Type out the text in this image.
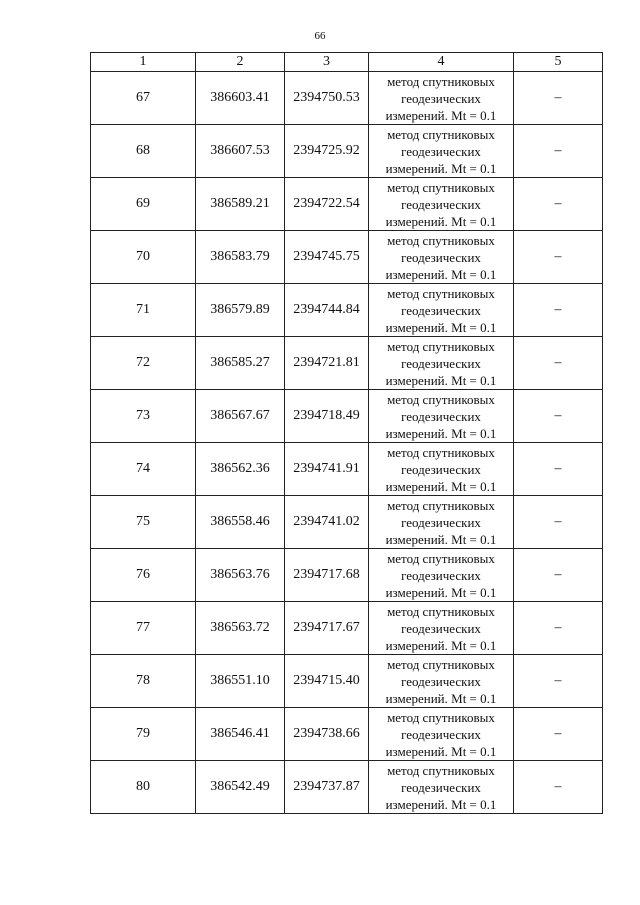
66
1	2	3	4	5
67	386603.41	2394750.53	метод спутниковых
геодезических
измерений. Mt = 0.1	–
68	386607.53	2394725.92	метод спутниковых
геодезических
измерений. Mt = 0.1	–
69	386589.21	2394722.54	метод спутниковых
геодезических
измерений. Mt = 0.1	–
70	386583.79	2394745.75	метод спутниковых
геодезических
измерений. Mt = 0.1	–
71	386579.89	2394744.84	метод спутниковых
геодезических
измерений. Mt = 0.1	–
72	386585.27	2394721.81	метод спутниковых
геодезических
измерений. Mt = 0.1	–
73	386567.67	2394718.49	метод спутниковых
геодезических
измерений. Mt = 0.1	–
74	386562.36	2394741.91	метод спутниковых
геодезических
измерений. Mt = 0.1	–
75	386558.46	2394741.02	метод спутниковых
геодезических
измерений. Mt = 0.1	–
76	386563.76	2394717.68	метод спутниковых
геодезических
измерений. Mt = 0.1	–
77	386563.72	2394717.67	метод спутниковых
геодезических
измерений. Mt = 0.1	–
78	386551.10	2394715.40	метод спутниковых
геодезических
измерений. Mt = 0.1	–
79	386546.41	2394738.66	метод спутниковых
геодезических
измерений. Mt = 0.1	–
80	386542.49	2394737.87	метод спутниковых
геодезических
измерений. Mt = 0.1	–
